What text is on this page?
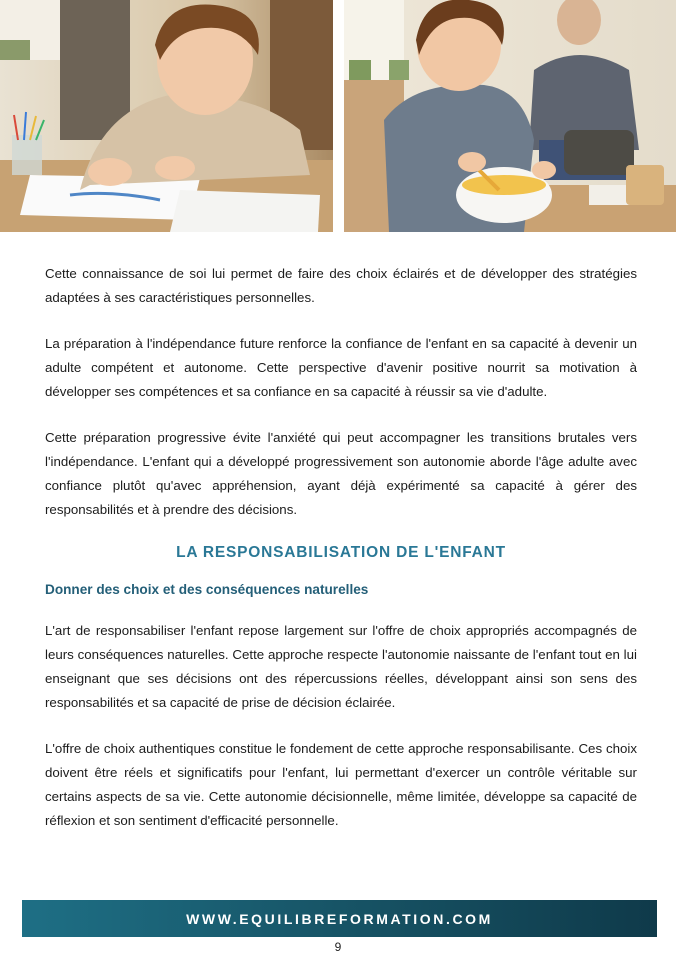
Cette connaissance de soi lui permet de faire des choix éclairés et de développer des stratégies adaptées à ses caractéristiques personnelles.

La préparation à l'indépendance future renforce la confiance de l'enfant en sa capacité à devenir un adulte compétent et autonome. Cette perspective d'avenir positive nourrit sa motivation à développer ses compétences et sa confiance en sa capacité à réussir sa vie d'adulte.

Cette préparation progressive évite l'anxiété qui peut accompagner les transitions brutales vers l'indépendance. L'enfant qui a développé progressivement son autonomie aborde l'âge adulte avec confiance plutôt qu'avec appréhension, ayant déjà expérimenté sa capacité à gérer des responsabilités et à prendre des décisions.

LA RESPONSABILISATION DE L'ENFANT
Donner des choix et des conséquences naturelles

L'art de responsabiliser l'enfant repose largement sur l'offre de choix appropriés accompagnés de leurs conséquences naturelles. Cette approche respecte l'autonomie naissante de l'enfant tout en lui enseignant que ses décisions ont des répercussions réelles, développant ainsi son sens des responsabilités et sa capacité de prise de décision éclairée.

L'offre de choix authentiques constitue le fondement de cette approche responsabilisante. Ces choix doivent être réels et significatifs pour l'enfant, lui permettant d'exercer un contrôle véritable sur certains aspects de sa vie. Cette autonomie décisionnelle, même limitée, développe sa capacité de réflexion et son sentiment d'efficacité personnelle.

WWW.EQUILIBREFORMATION.COM
9
